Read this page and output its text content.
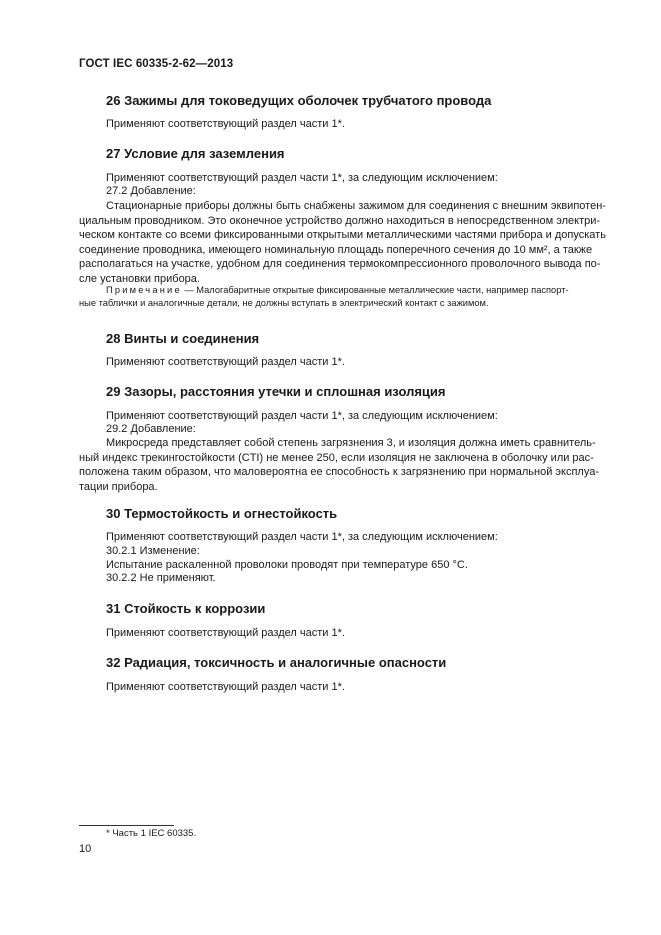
ГОСТ IEC 60335-2-62—2013
26 Зажимы для токоведущих оболочек трубчатого провода
Применяют соответствующий раздел части 1*.
27 Условие для заземления
Применяют соответствующий раздел части 1*, за следующим исключением:
27.2 Добавление:
Стационарные приборы должны быть снабжены зажимом для соединения с внешним эквипотен-
циальным проводником. Это оконечное устройство должно находиться в непосредственном электри-
ческом контакте со всеми фиксированными открытыми металлическими частями прибора и допускать
соединение проводника, имеющего номинальную площадь поперечного сечения до 10 мм², а также
располагаться на участке, удобном для соединения термокомпрессионного проволочного вывода по-
сле установки прибора.
Примечание — Малогабаритные открытые фиксированные металлические части, например паспорт-
ные таблички и аналогичные детали, не должны вступать в электрический контакт с зажимом.
28 Винты и соединения
Применяют соответствующий раздел части 1*.
29 Зазоры, расстояния утечки и сплошная изоляция
Применяют соответствующий раздел части 1*, за следующим исключением:
29.2 Добавление:
Микросреда представляет собой степень загрязнения 3, и изоляция должна иметь сравнитель-
ный индекс трекингостойкости (CTI) не менее 250, если изоляция не заключена в оболочку или рас-
положена таким образом, что маловероятна ее способность к загрязнению при нормальной эксплуа-
тации прибора.
30 Термостойкость и огнестойкость
Применяют соответствующий раздел части 1*, за следующим исключением:
30.2.1 Изменение:
Испытание раскаленной проволоки проводят при температуре 650 °С.
30.2.2 Не применяют.
31 Стойкость к коррозии
Применяют соответствующий раздел части 1*.
32 Радиация, токсичность и аналогичные опасности
Применяют соответствующий раздел части 1*.
* Часть 1 IEC 60335.
10
